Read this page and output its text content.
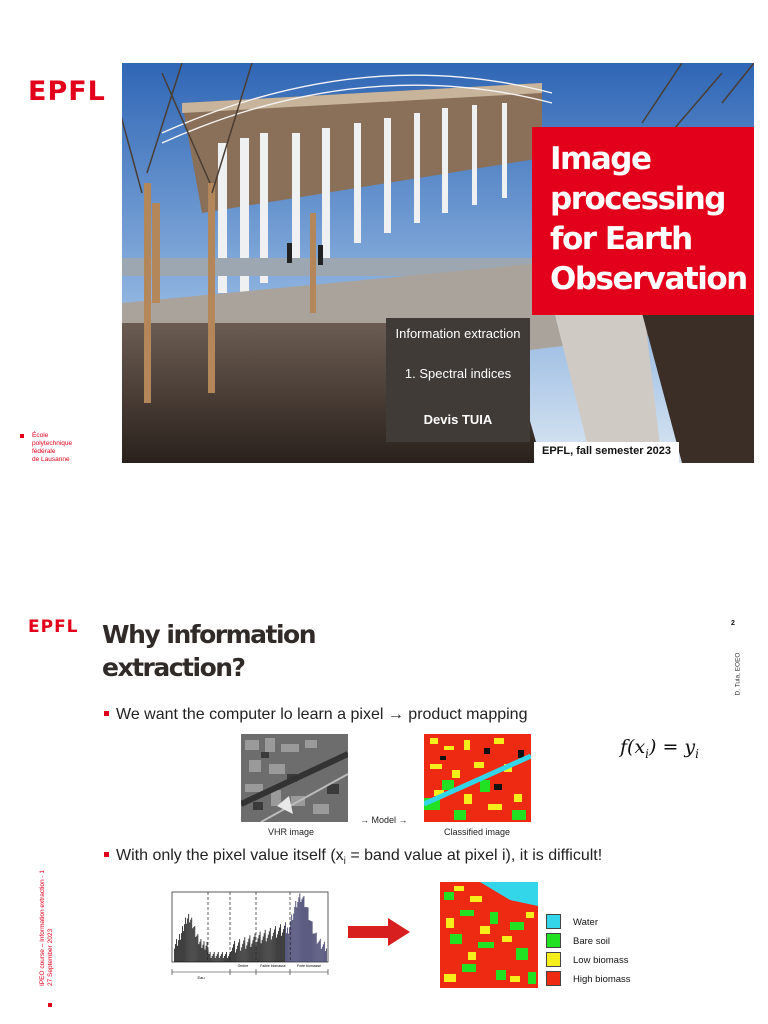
EPFL
École
polytechnique
fédérale
de Lausanne
Image
processing
for Earth
Observation
Information extraction
1. Spectral indices
Devis TUIA
EPFL, fall semester 2023
EPFL Why information
extraction?
2
D. Tuia, EOEO
IPEO course – Information extraction - 1
27 September 2023
We want the computer lo learn a pixel → product mapping
VHR image
→ Model →
Classified image
$f(x_i) = y_i$
With only the pixel value itself ($x_i$ = band value at pixel i), it is difficult!
Eau
Ombre	Faible biomasse	Forte biomasse
Water
Bare soil
Low biomass
High biomass
